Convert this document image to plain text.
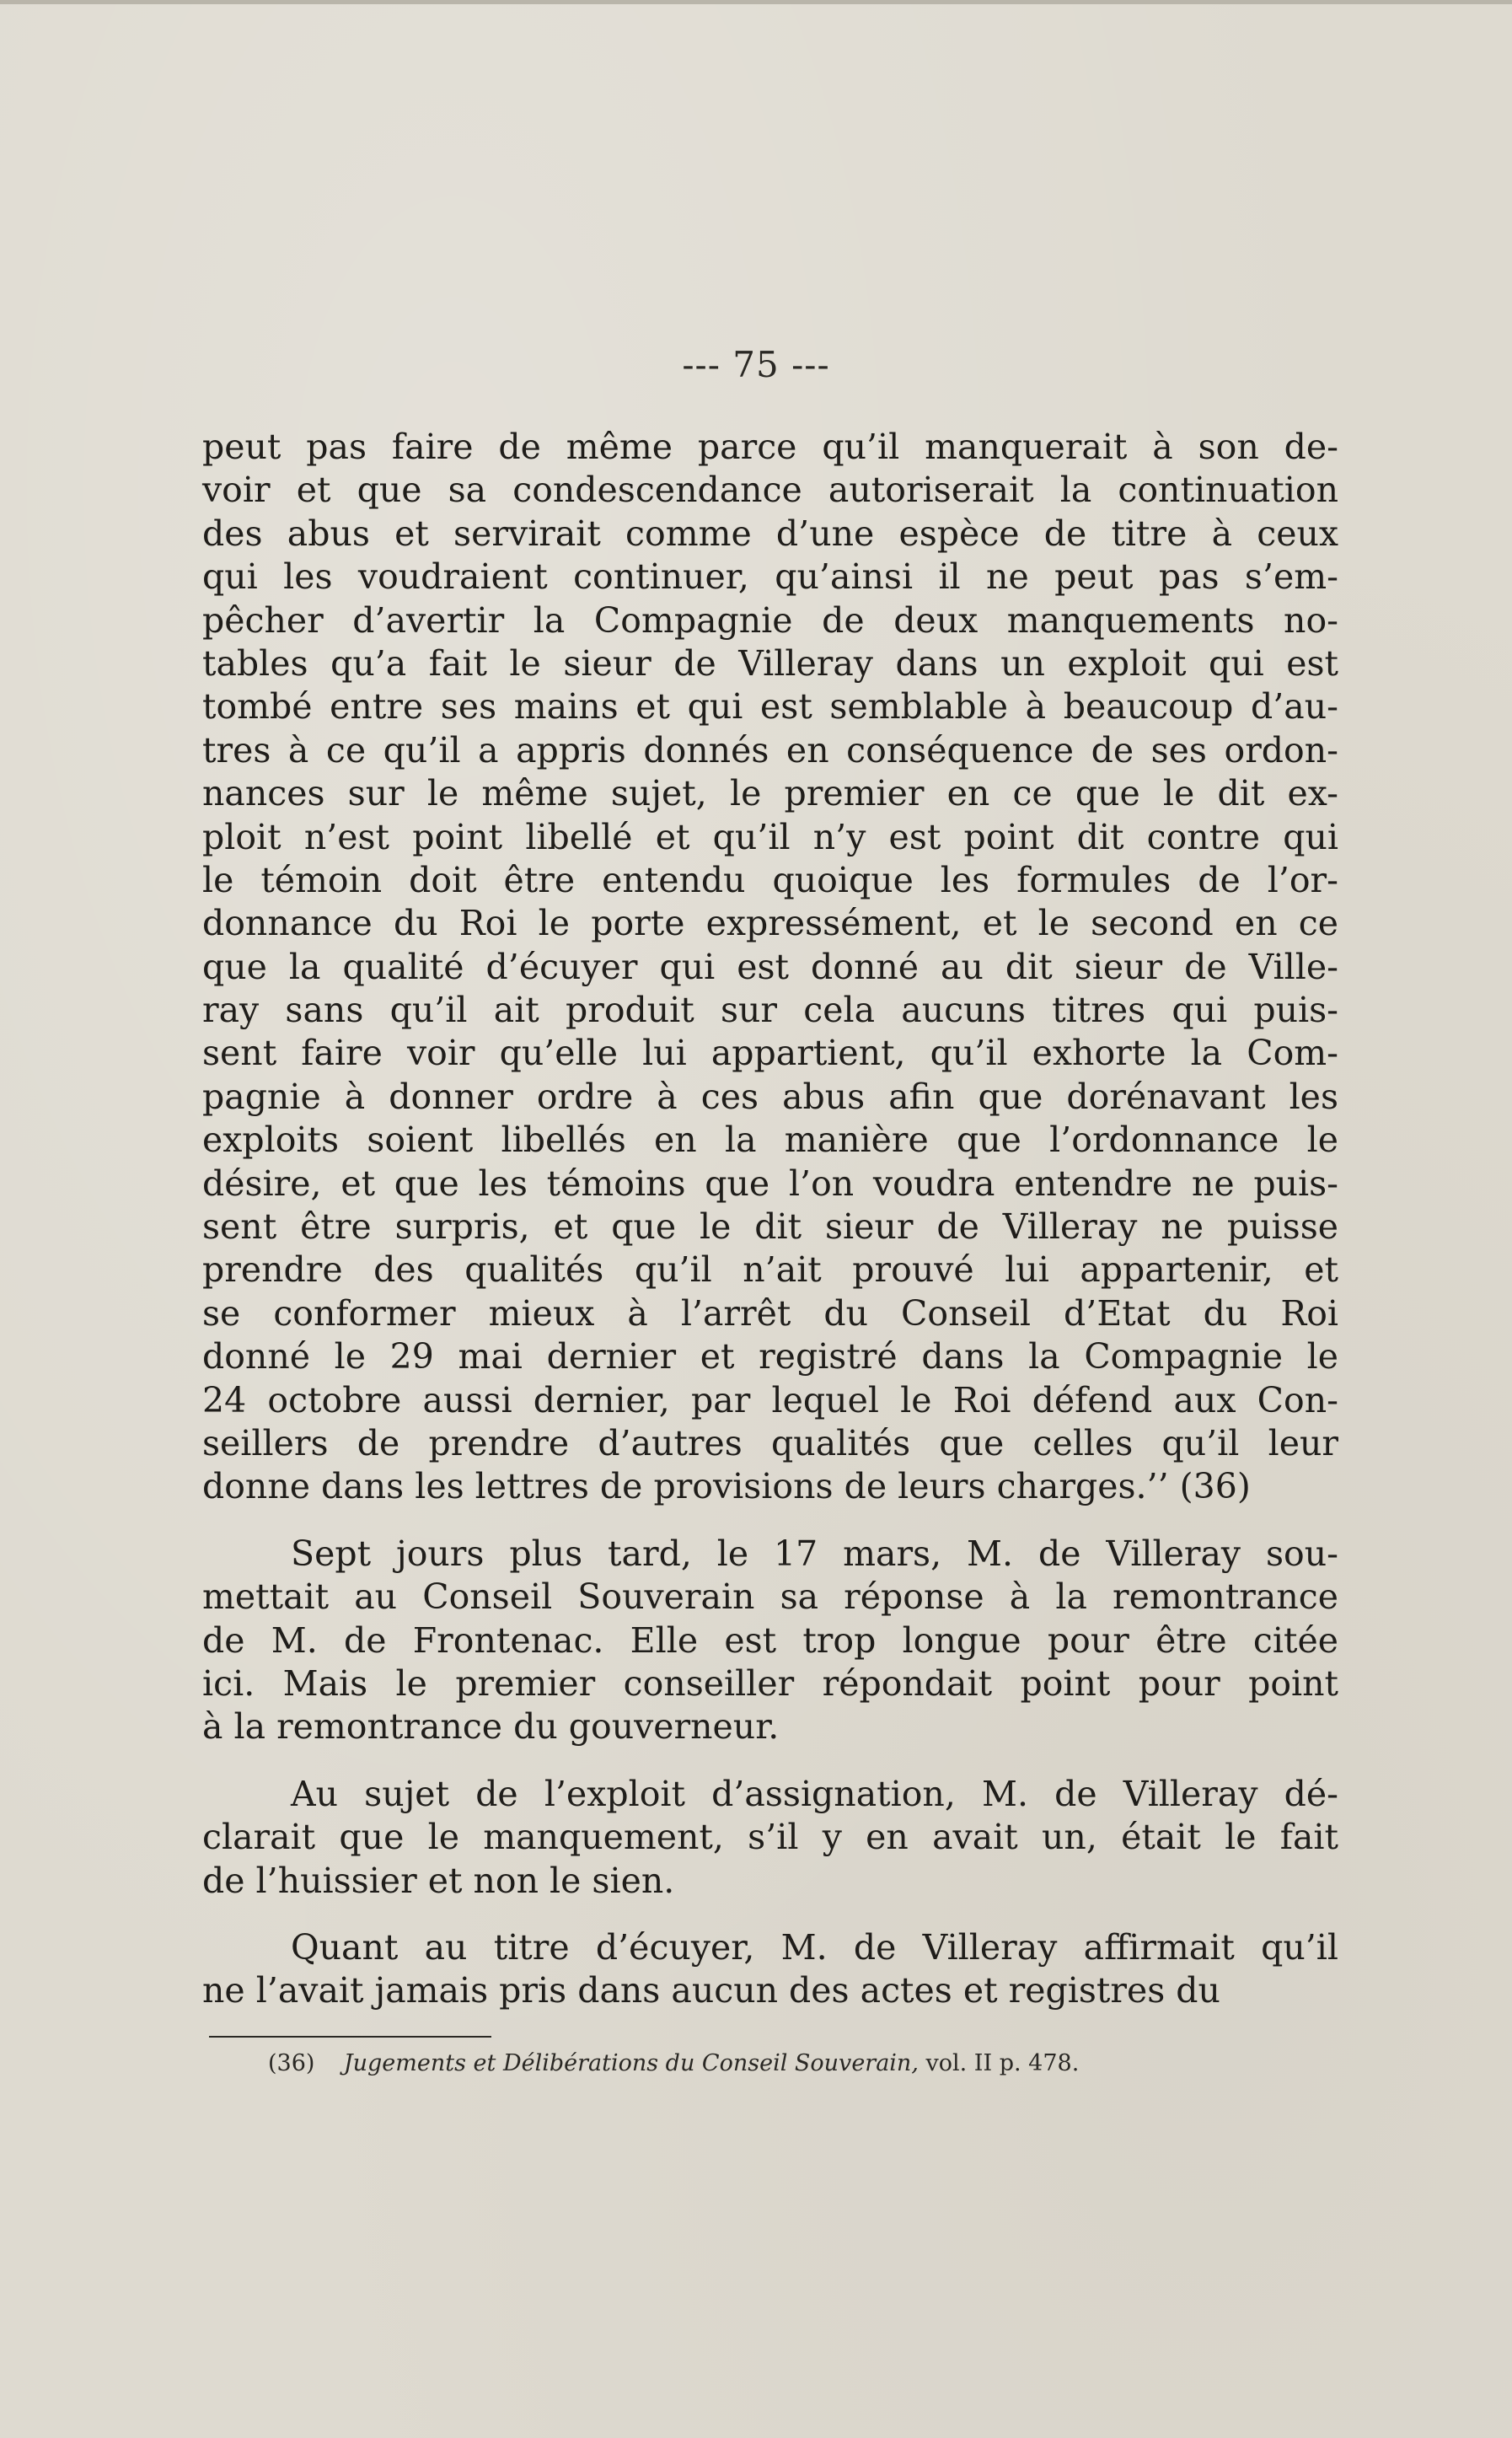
--- 75 ---
peut pas faire de même parce qu’il manquerait à son de-
voir et que sa condescendance autoriserait la continuation
des abus et servirait comme d’une espèce de titre à ceux
qui les voudraient continuer, qu’ainsi il ne peut pas s’em-
pêcher d’avertir la Compagnie de deux manquements no-
tables qu’a fait le sieur de Villeray dans un exploit qui est
tombé entre ses mains et qui est semblable à beaucoup d’au-
tres à ce qu’il a appris donnés en conséquence de ses ordon-
nances sur le même sujet, le premier en ce que le dit ex-
ploit n’est point libellé et qu’il n’y est point dit contre qui
le témoin doit être entendu quoique les formules de l’or-
donnance du Roi le porte expressément, et le second en ce
que la qualité d’écuyer qui est donné au dit sieur de Ville-
ray sans qu’il ait produit sur cela aucuns titres qui puis-
sent faire voir qu’elle lui appartient, qu’il exhorte la Com-
pagnie à donner ordre à ces abus afin que dorénavant les
exploits soient libellés en la manière que l’ordonnance le
désire, et que les témoins que l’on voudra entendre ne puis-
sent être surpris, et que le dit sieur de Villeray ne puisse
prendre des qualités qu’il n’ait prouvé lui appartenir, et
se conformer mieux à l’arrêt du Conseil d’Etat du Roi
donné le 29 mai dernier et registré dans la Compagnie le
24 octobre aussi dernier, par lequel le Roi défend aux Con-
seillers de prendre d’autres qualités que celles qu’il leur
donne dans les lettres de provisions de leurs charges.’’ (36)
Sept jours plus tard, le 17 mars, M. de Villeray sou-
mettait au Conseil Souverain sa réponse à la remontrance
de M. de Frontenac. Elle est trop longue pour être citée
ici. Mais le premier conseiller répondait point pour point
à la remontrance du gouverneur.
Au sujet de l’exploit d’assignation, M. de Villeray dé-
clarait que le manquement, s’il y en avait un, était le fait
de l’huissier et non le sien.
Quant au titre d’écuyer, M. de Villeray affirmait qu’il
ne l’avait jamais pris dans aucun des actes et registres du
(36) Jugements et Délibérations du Conseil Souverain, vol. II p. 478.
